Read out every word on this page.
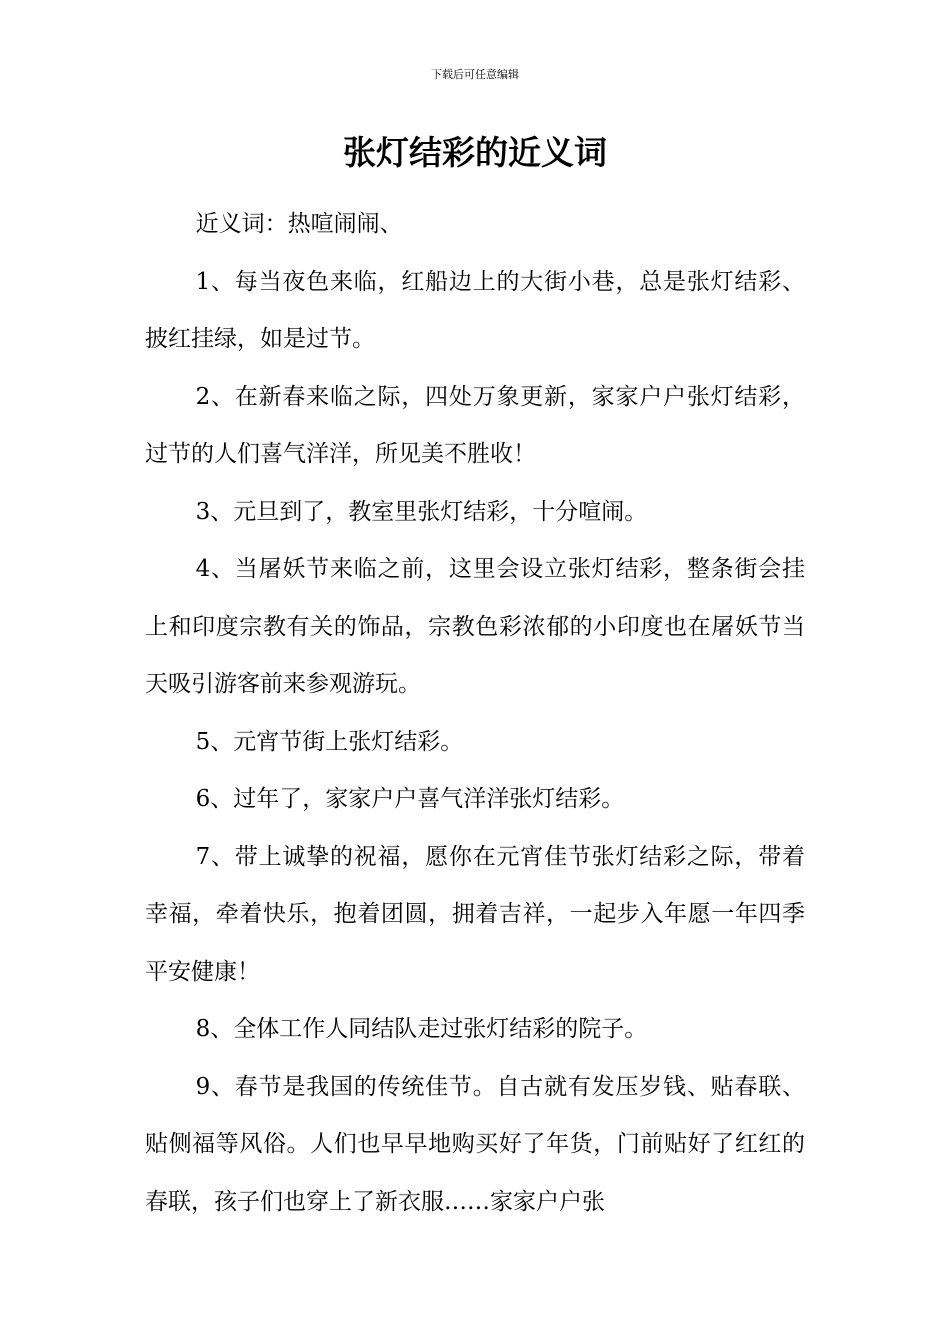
下载后可任意编辑
张灯结彩的近义词

近义词：热喧闹闹、

1、每当夜色来临，红船边上的大街小巷，总是张灯结彩、披红挂绿，如是过节。

2、在新春来临之际，四处万象更新，家家户户张灯结彩，过节的人们喜气洋洋，所见美不胜收！

3、元旦到了，教室里张灯结彩，十分喧闹。

4、当屠妖节来临之前，这里会设立张灯结彩，整条街会挂上和印度宗教有关的饰品，宗教色彩浓郁的小印度也在屠妖节当天吸引游客前来参观游玩。

5、元宵节街上张灯结彩。

6、过年了，家家户户喜气洋洋张灯结彩。

7、带上诚挚的祝福，愿你在元宵佳节张灯结彩之际，带着幸福，牵着快乐，抱着团圆，拥着吉祥，一起步入年愿一年四季平安健康！

8、全体工作人同结队走过张灯结彩的院子。

9、春节是我国的传统佳节。自古就有发压岁钱、贴春联、贴侧福等风俗。人们也早早地购买好了年货，门前贴好了红红的春联，孩子们也穿上了新衣服……家家户户张
